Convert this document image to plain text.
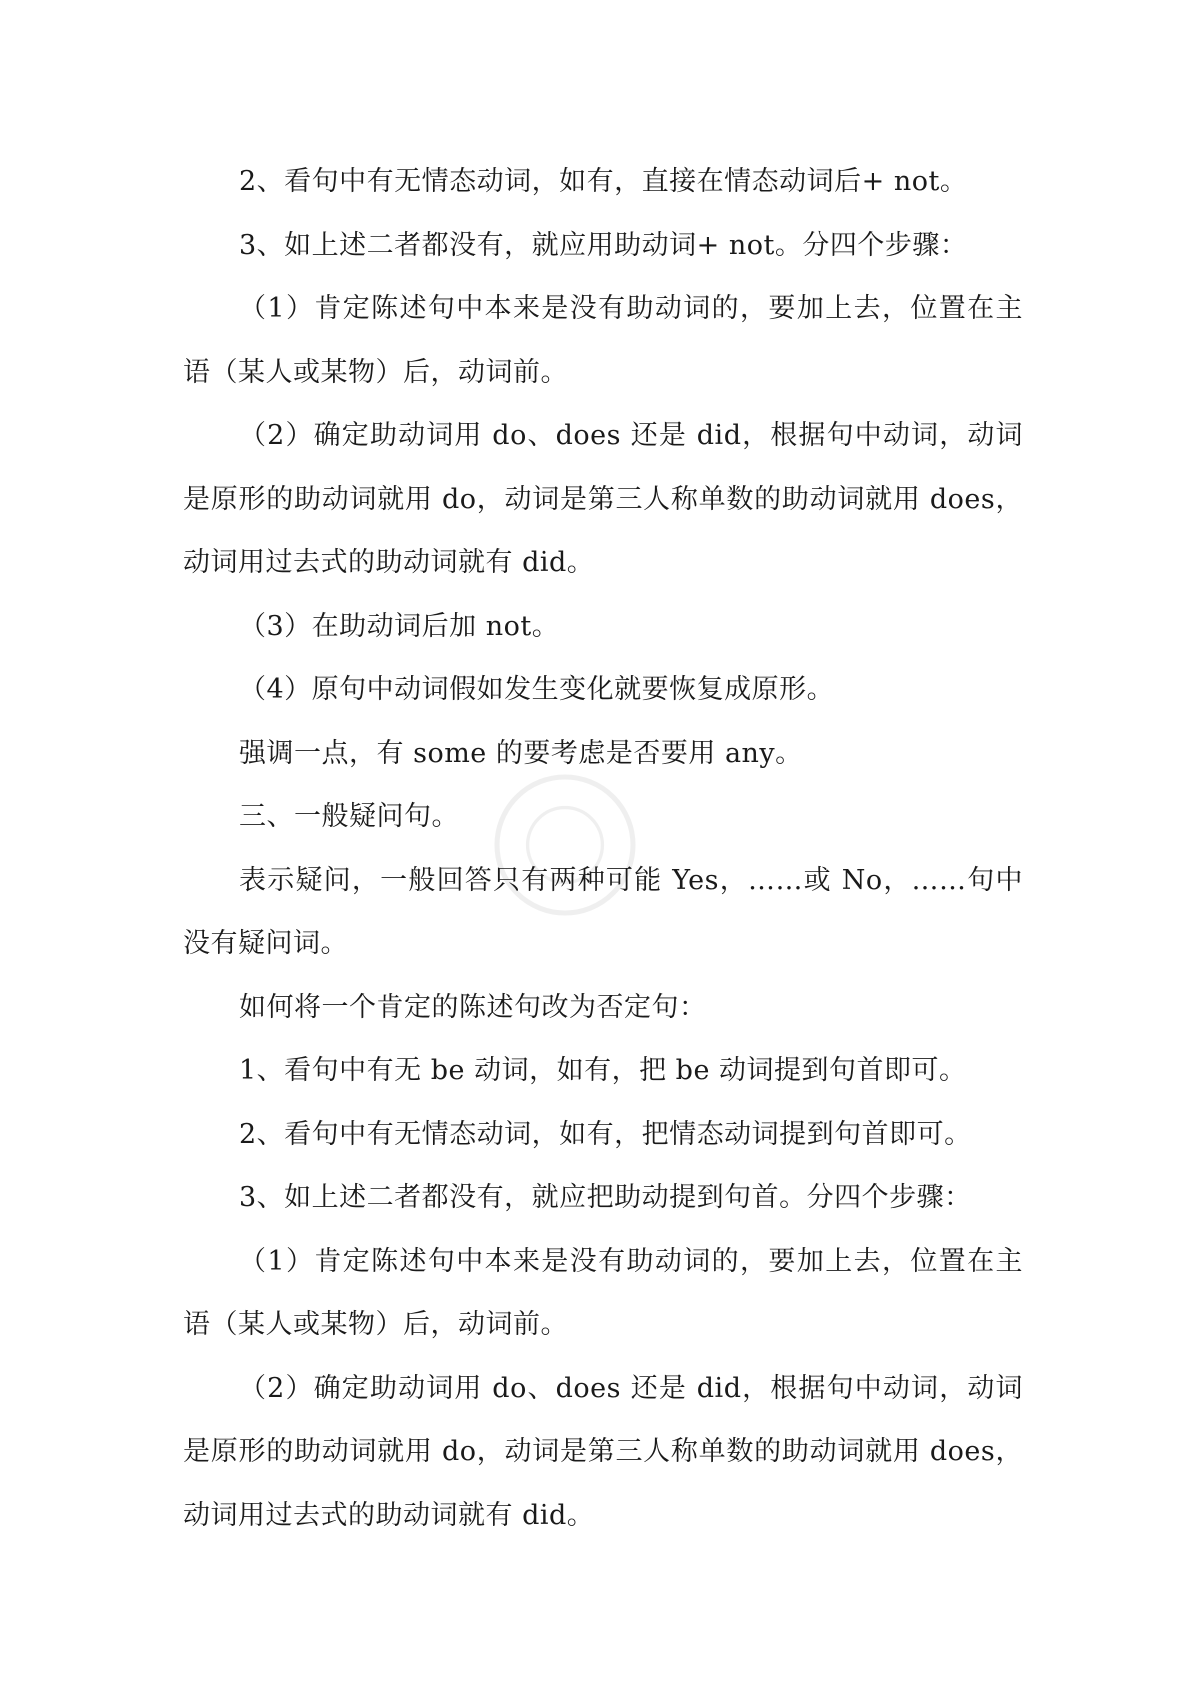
2、看句中有无情态动词，如有，直接在情态动词后+ not。

3、如上述二者都没有，就应用助动词+ not。分四个步骤：

（1）肯定陈述句中本来是没有助动词的，要加上去，位置在主语（某人或某物）后，动词前。

（2）确定助动词用 do、does 还是 did，根据句中动词，动词是原形的助动词就用 do，动词是第三人称单数的助动词就用 does，动词用过去式的助动词就有 did。

（3）在助动词后加 not。

（4）原句中动词假如发生变化就要恢复成原形。

强调一点，有 some 的要考虑是否要用 any。

三、一般疑问句。

表示疑问，一般回答只有两种可能 Yes，……或 No，……句中没有疑问词。

如何将一个肯定的陈述句改为否定句：

1、看句中有无 be 动词，如有，把 be 动词提到句首即可。

2、看句中有无情态动词，如有，把情态动词提到句首即可。

3、如上述二者都没有，就应把助动提到句首。分四个步骤：

（1）肯定陈述句中本来是没有助动词的，要加上去，位置在主语（某人或某物）后，动词前。

（2）确定助动词用 do、does 还是 did，根据句中动词，动词是原形的助动词就用 do，动词是第三人称单数的助动词就用 does，动词用过去式的助动词就有 did。
